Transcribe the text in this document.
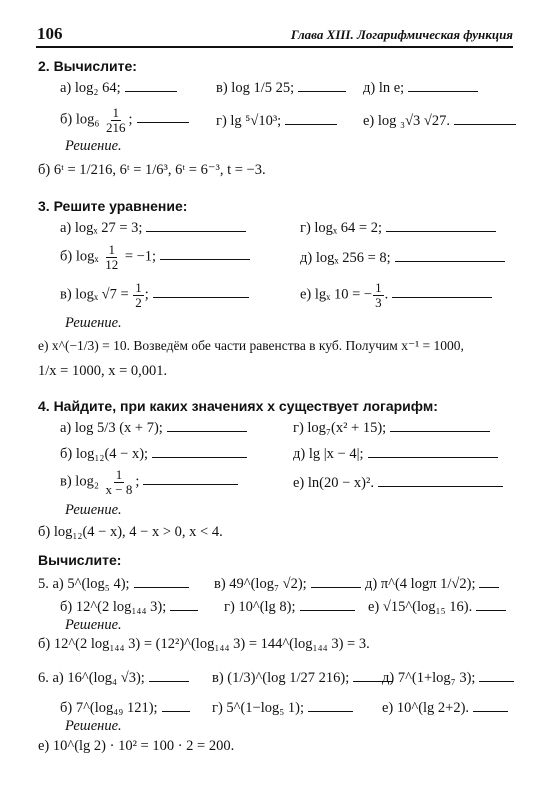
106	Глава XIII. Логарифмическая функция
2. Вычислите:
а) log₂ 64;	в) log 1/5 25;	д) ln e;
б) $\log_6 \frac{1}{216}$ ;	г) lg ⁵√10³;	е) log ₃√3 √27.
Решение.
б) 6ᵗ = 1/216, 6ᵗ = 1/6³, 6ᵗ = 6⁻³, t = −3.
3. Решите уравнение:
а) logₓ 27 = 3;	г) logₓ 64 = 2;
б) logₓ $\frac{1}{12} = -1$;	д) logₓ 256 = 8;
в) logₓ $√7 = \frac{1}{2}$ ;	е) lgₓ 10 = − $\frac{1}{3}$ .
Решение.
е) x^(−1/3) = 10. Возведём обе части равенства в куб. Получим x⁻¹ = 1000,
1/x = 1000, x = 0,001.
4. Найдите, при каких значениях x существует логарифм:
а) log 5/3 (x + 7);	г) log₇(x² + 15);
б) log₁₂(4 − x);	д) lg |x − 4|;
в) $\log_2 \frac{1}{x - 8}$ ;	е) ln(20 − x)².
Решение.
б) log₁₂(4 − x), 4 − x > 0, x < 4.
Вычислите:
5. а) 5^(log₅ 4);	в) 49^(log₇ √2);	д) π^(4 logπ 1/√2);
б) 12^(2 log₁₄₄ 3);	г) 10^(lg 8);	е) √15^(log₁₅ 16).
Решение.
б) 12^(2 log₁₄₄ 3) = (12²)^(log₁₄₄ 3) = 144^(log₁₄₄ 3) = 3.
6. а) 16^(log₄ √3);	в) (1/3)^(log 1/27 216);	д) 7^(1+log₇ 3);
б) 7^(log₄₉ 121);	г) 5^(1−log₅ 1);	е) 10^(lg 2+2).
Решение.
е) 10^(lg 2) · 10² = 100 · 2 = 200.
